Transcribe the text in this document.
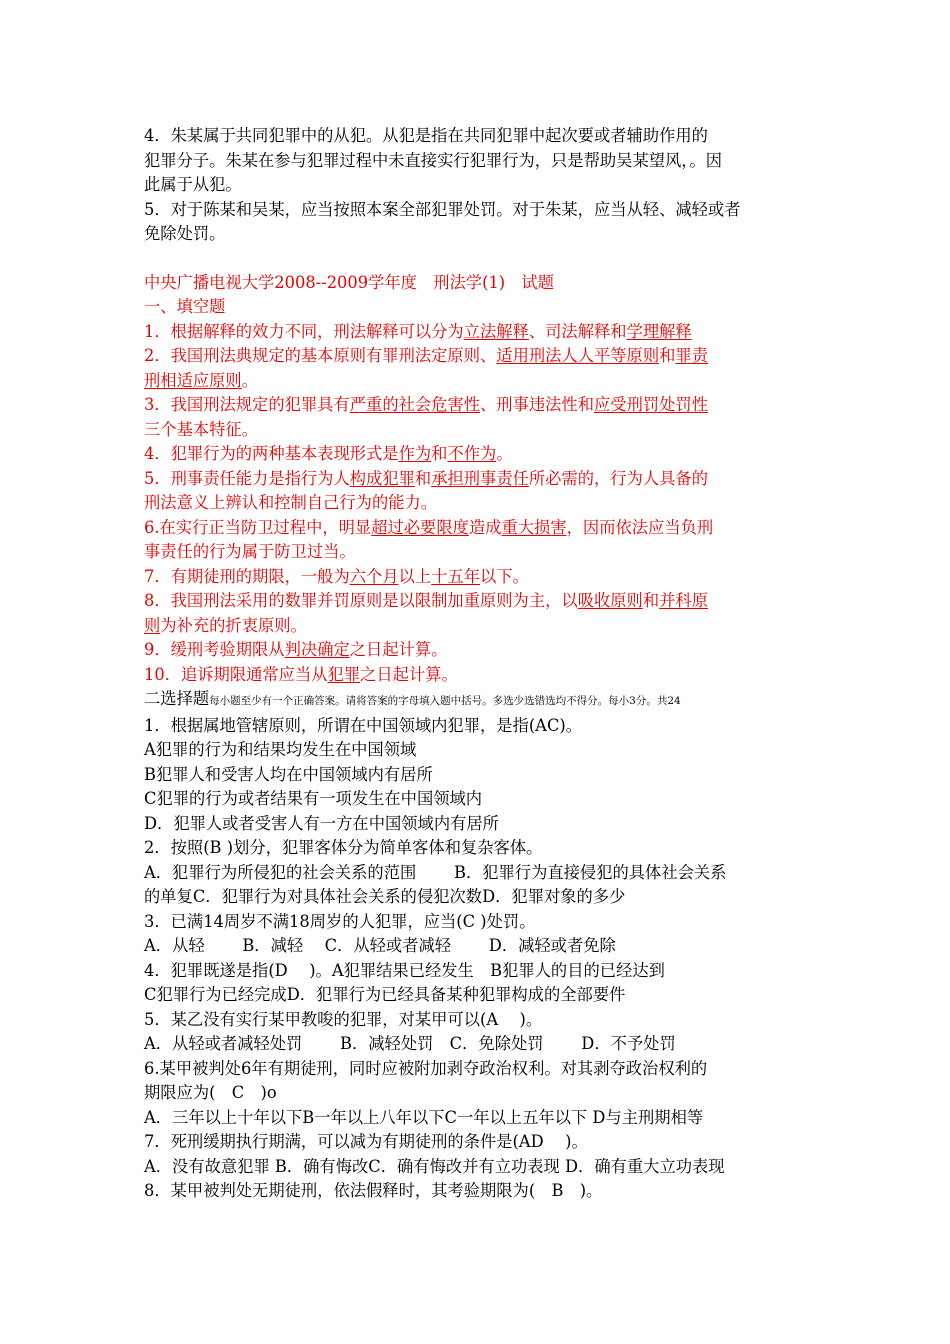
4．朱某属于共同犯罪中的从犯。从犯是指在共同犯罪中起次要或者辅助作用的
犯罪分子。朱某在参与犯罪过程中未直接实行犯罪行为，只是帮助吴某望风，。因
此属于从犯。
5．对于陈某和吴某，应当按照本案全部犯罪处罚。对于朱某，应当从轻、减轻或者
免除处罚。
中央广播电视大学2008--2009学年度　刑法学(1)　试题
一、填空题
1．根据解释的效力不同，刑法解释可以分为立法解释、司法解释和学理解释
2．我国刑法典规定的基本原则有罪刑法定原则、适用刑法人人平等原则和罪责
刑相适应原则。
3．我国刑法规定的犯罪具有严重的社会危害性、刑事违法性和应受刑罚处罚性
三个基本特征。
4．犯罪行为的两种基本表现形式是作为和不作为。
5．刑事责任能力是指行为人构成犯罪和承担刑事责任所必需的，行为人具备的
刑法意义上辨认和控制自己行为的能力。
6.在实行正当防卫过程中，明显超过必要限度造成重大损害，因而依法应当负刑
事责任的行为属于防卫过当。
7．有期徒刑的期限，一般为六个月以上十五年以下。
8．我国刑法采用的数罪并罚原则是以限制加重原则为主，以吸收原则和并科原
则为补充的折衷原则。
9．缓刑考验期限从判决确定之日起计算。
10．追诉期限通常应当从犯罪之日起计算。
二选择题每小题至少有一个正确答案。请将答案的字母填入题中括号。多选少选错选均不得分。每小3分。共24
1．根据属地管辖原则，所谓在中国领域内犯罪，是指(AC)。
A犯罪的行为和结果均发生在中国领域
B犯罪人和受害人均在中国领域内有居所
C犯罪的行为或者结果有一项发生在中国领域内
D．犯罪人或者受害人有一方在中国领域内有居所
2．按照(B )划分，犯罪客体分为简单客体和复杂客体。
A．犯罪行为所侵犯的社会关系的范围　　 B．犯罪行为直接侵犯的具体社会关系
的单复C．犯罪行为对具体社会关系的侵犯次数D．犯罪对象的多少
3．已满14周岁不满18周岁的人犯罪，应当(C )处罚。
A．从轻　　 B．减轻　 C．从轻或者减轻　　 D．减轻或者免除
4．犯罪既遂是指(D　 )。A犯罪结果已经发生　B犯罪人的目的已经达到
C犯罪行为已经完成D．犯罪行为已经具备某种犯罪构成的全部要件
5．某乙没有实行某甲教唆的犯罪，对某甲可以(A　 )。
A．从轻或者减轻处罚　　 B．减轻处罚　C．免除处罚　　 D．不予处罚
6.某甲被判处6年有期徒刑，同时应被附加剥夺政治权利。对其剥夺政治权利的
期限应为(　C　)o
A．三年以上十年以下B一年以上八年以下C一年以上五年以下 D与主刑期相等
7．死刑缓期执行期满，可以减为有期徒刑的条件是(AD　 )。
A．没有故意犯罪 B．确有悔改C．确有悔改并有立功表现 D．确有重大立功表现
8．某甲被判处无期徒刑，依法假释时，其考验期限为(　B　)。
